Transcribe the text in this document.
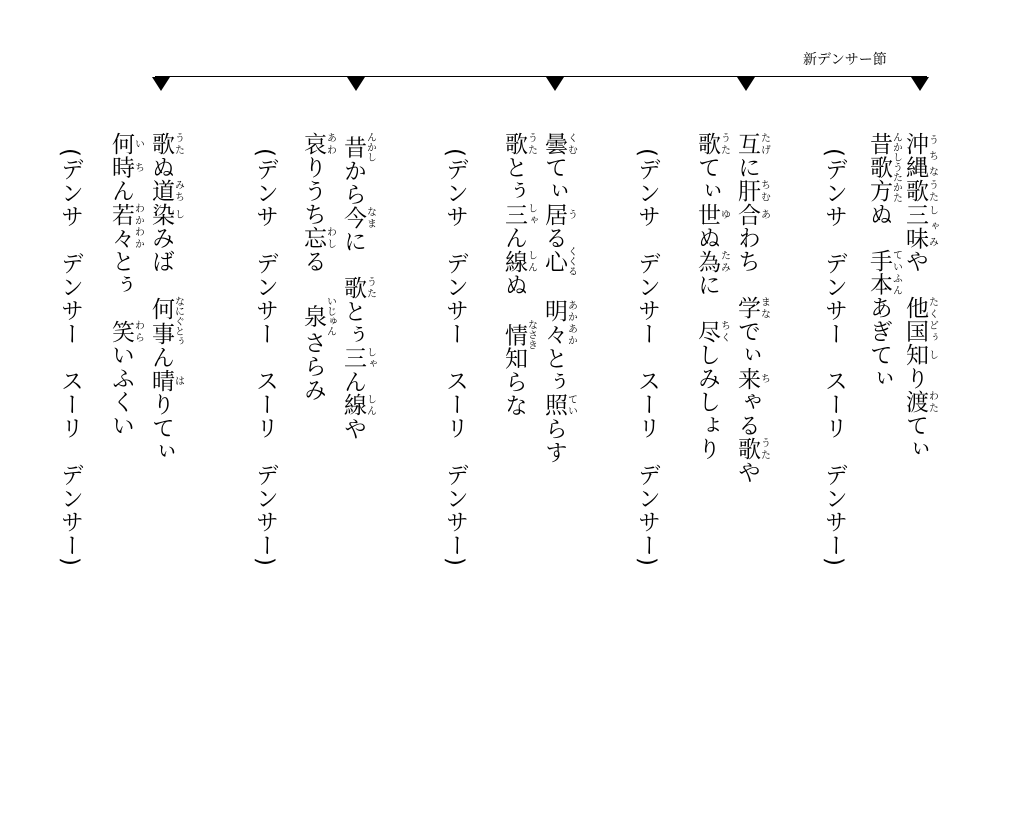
新デンサー節
沖縄うちな歌うた三味しゃみや他国たくどぅ知しり渡わたてぃ
昔歌方んかしうたかたぬ手本ていふんあぎてぃ
(デンサ　デンサー　スーリ　デンサー)
互たげに肝ちむ合あわち学まなでぃ来ちゃる歌うたや
歌うたてぃ世ゆぬ為たみに尽ちくしみしょり
(デンサ　デンサー　スーリ　デンサー)
曇くむてぃ居うる心くくる明々あかあかとぅ照ていらす
歌うたとぅ三しゃん線しんぬ情なさき知らな
(デンサ　デンサー　スーリ　デンサー)
昔んかしから今なまに歌うたとぅ三しゃん線しんや
哀あわりうち忘わしる泉いじゅんさらみ
(デンサ　デンサー　スーリ　デンサー)
歌うたぬ道みち染しみば何事なにぐとぅん晴はりてぃ
何時いちん若々わかわかとぅ笑わらいふくい
(デンサ　デンサー　スーリ　デンサー)
